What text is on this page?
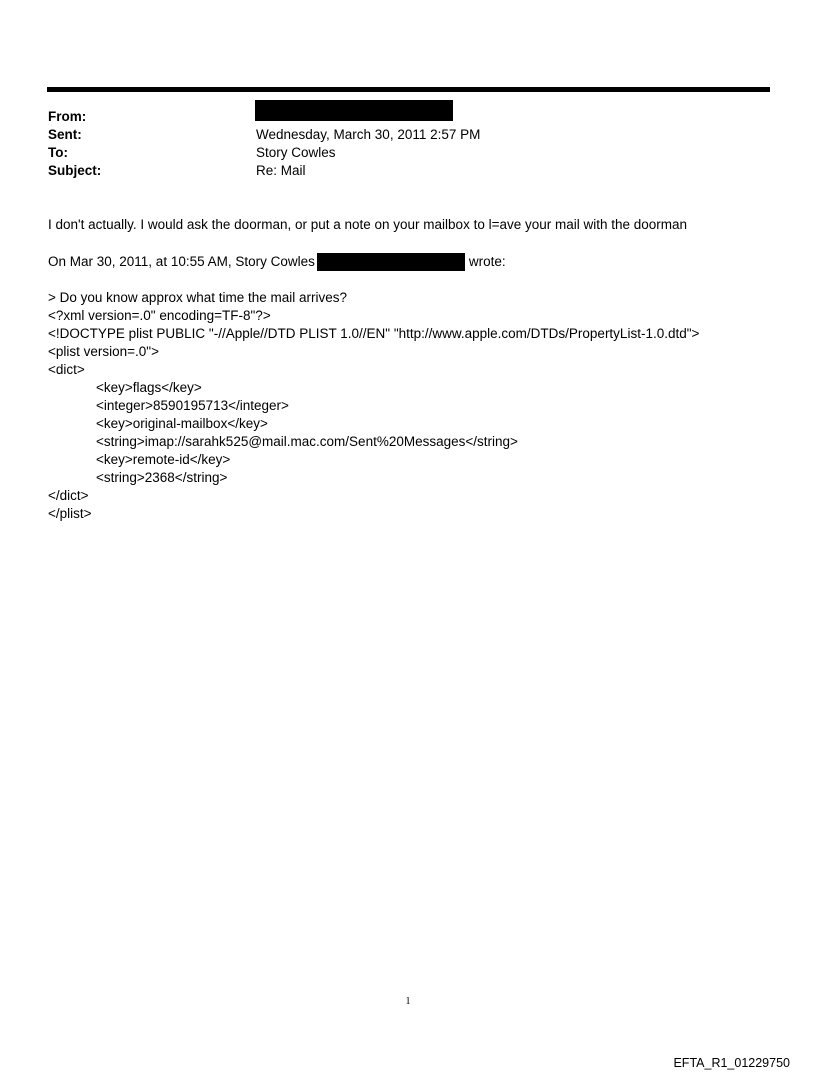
From:
Sent:	Wednesday, March 30, 2011 2:57 PM
To:	Story Cowles
Subject:	Re: Mail
I don't actually. I would ask the doorman, or put a note on your mailbox to l=ave your mail with the doorman
On Mar 30, 2011, at 10:55 AM, Story Cowles	wrote:
> Do you know approx what time the mail arrives?
<?xml version=.0" encoding=TF-8"?>
<!DOCTYPE plist PUBLIC "-//Apple//DTD PLIST 1.0//EN" "http://www.apple.com/DTDs/PropertyList-1.0.dtd">
<plist version=.0">
<dict>
<key>flags</key>
<integer>8590195713</integer>
<key>original-mailbox</key>
<string>imap://sarahk525@mail.mac.com/Sent%20Messages</string>
<key>remote-id</key>
<string>2368</string>
</dict>
</plist>
1
EFTA_R1_01229750
